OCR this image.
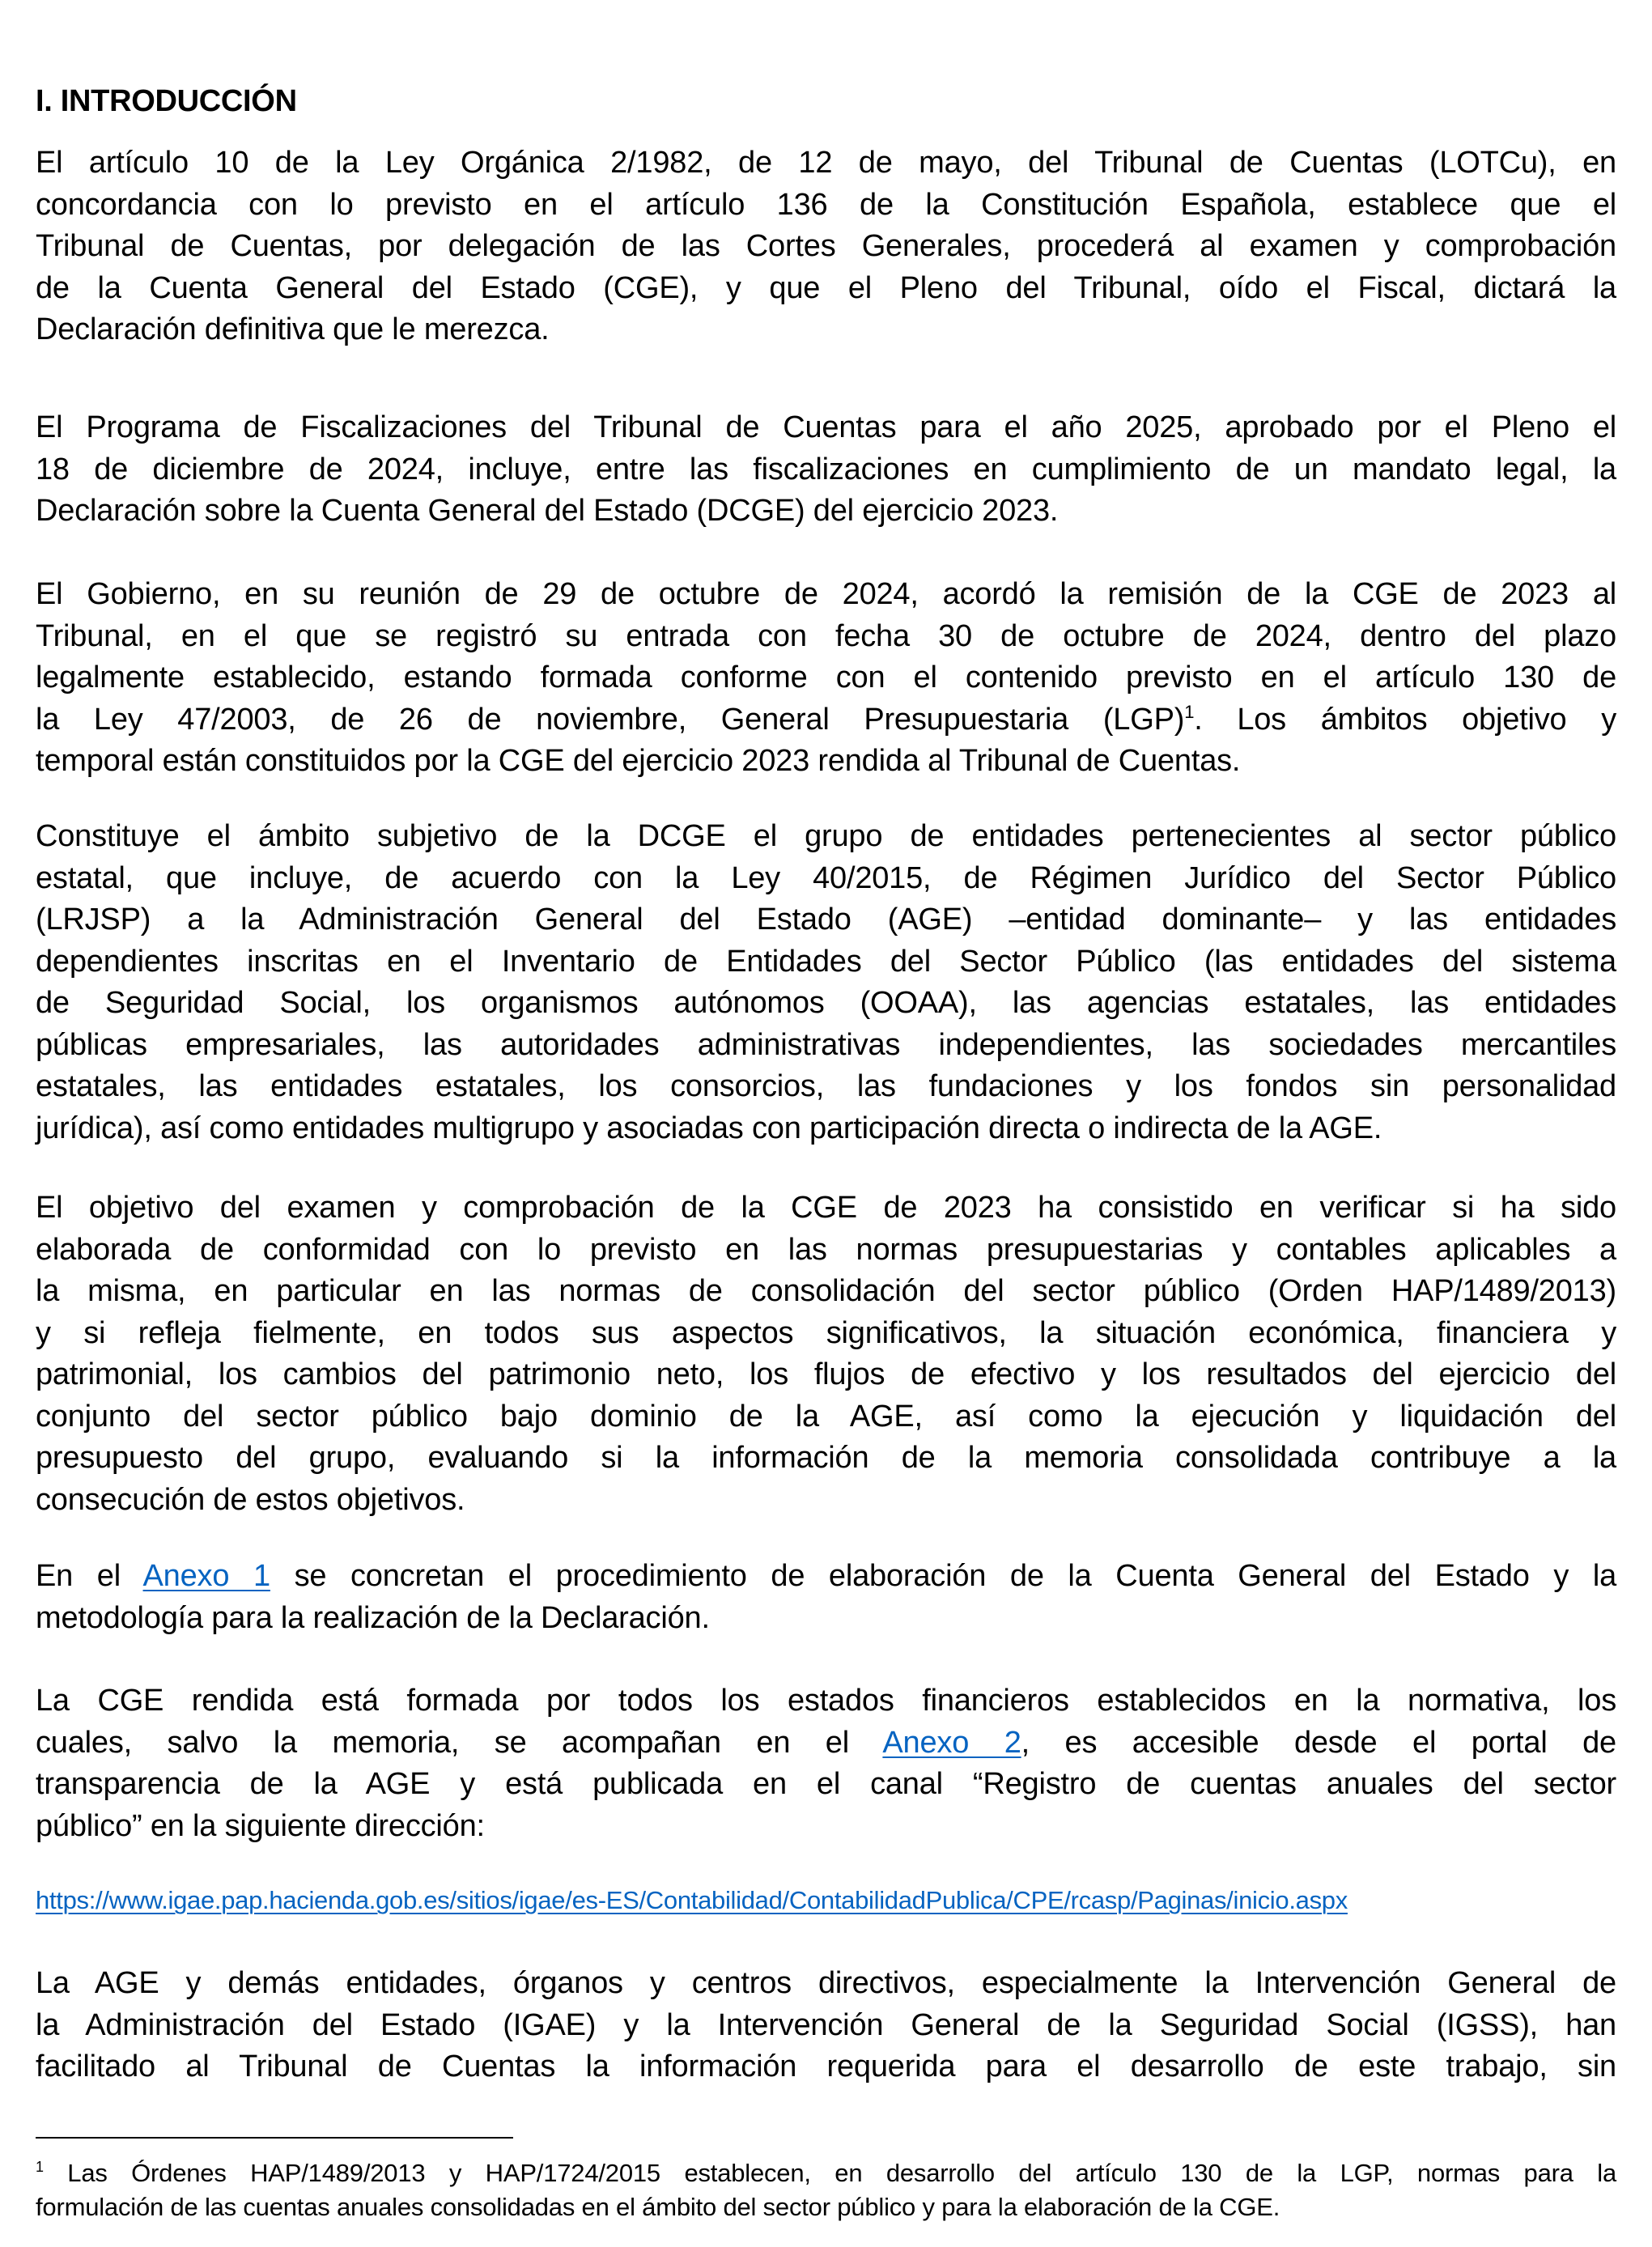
I. INTRODUCCIÓN
El artículo 10 de la Ley Orgánica 2/1982, de 12 de mayo, del Tribunal de Cuentas (LOTCu), en
concordancia con lo previsto en el artículo 136 de la Constitución Española, establece que el
Tribunal de Cuentas, por delegación de las Cortes Generales, procederá al examen y comprobación
de la Cuenta General del Estado (CGE), y que el Pleno del Tribunal, oído el Fiscal, dictará la
Declaración definitiva que le merezca.
El Programa de Fiscalizaciones del Tribunal de Cuentas para el año 2025, aprobado por el Pleno el
18 de diciembre de 2024, incluye, entre las fiscalizaciones en cumplimiento de un mandato legal, la
Declaración sobre la Cuenta General del Estado (DCGE) del ejercicio 2023.
El Gobierno, en su reunión de 29 de octubre de 2024, acordó la remisión de la CGE de 2023 al
Tribunal, en el que se registró su entrada con fecha 30 de octubre de 2024, dentro del plazo
legalmente establecido, estando formada conforme con el contenido previsto en el artículo 130 de
la Ley 47/2003, de 26 de noviembre, General Presupuestaria (LGP)$^1$. Los ámbitos objetivo y
temporal están constituidos por la CGE del ejercicio 2023 rendida al Tribunal de Cuentas.
Constituye el ámbito subjetivo de la DCGE el grupo de entidades pertenecientes al sector público
estatal, que incluye, de acuerdo con la Ley 40/2015, de Régimen Jurídico del Sector Público
(LRJSP) a la Administración General del Estado (AGE) –entidad dominante– y las entidades
dependientes inscritas en el Inventario de Entidades del Sector Público (las entidades del sistema
de Seguridad Social, los organismos autónomos (OOAA), las agencias estatales, las entidades
públicas empresariales, las autoridades administrativas independientes, las sociedades mercantiles
estatales, las entidades estatales, los consorcios, las fundaciones y los fondos sin personalidad
jurídica), así como entidades multigrupo y asociadas con participación directa o indirecta de la AGE.
El objetivo del examen y comprobación de la CGE de 2023 ha consistido en verificar si ha sido
elaborada de conformidad con lo previsto en las normas presupuestarias y contables aplicables a
la misma, en particular en las normas de consolidación del sector público (Orden HAP/1489/2013)
y si refleja fielmente, en todos sus aspectos significativos, la situación económica, financiera y
patrimonial, los cambios del patrimonio neto, los flujos de efectivo y los resultados del ejercicio del
conjunto del sector público bajo dominio de la AGE, así como la ejecución y liquidación del
presupuesto del grupo, evaluando si la información de la memoria consolidada contribuye a la
consecución de estos objetivos.
En el Anexo 1 se concretan el procedimiento de elaboración de la Cuenta General del Estado y la
metodología para la realización de la Declaración.
La CGE rendida está formada por todos los estados financieros establecidos en la normativa, los
cuales, salvo la memoria, se acompañan en el Anexo 2, es accesible desde el portal de
transparencia de la AGE y está publicada en el canal “Registro de cuentas anuales del sector
público” en la siguiente dirección:
https://www.igae.pap.hacienda.gob.es/sitios/igae/es-ES/Contabilidad/ContabilidadPublica/CPE/rcasp/Paginas/inicio.aspx
La AGE y demás entidades, órganos y centros directivos, especialmente la Intervención General de
la Administración del Estado (IGAE) y la Intervención General de la Seguridad Social (IGSS), han
facilitado al Tribunal de Cuentas la información requerida para el desarrollo de este trabajo, sin
$^1$ Las Órdenes HAP/1489/2013 y HAP/1724/2015 establecen, en desarrollo del artículo 130 de la LGP, normas para la
formulación de las cuentas anuales consolidadas en el ámbito del sector público y para la elaboración de la CGE.
